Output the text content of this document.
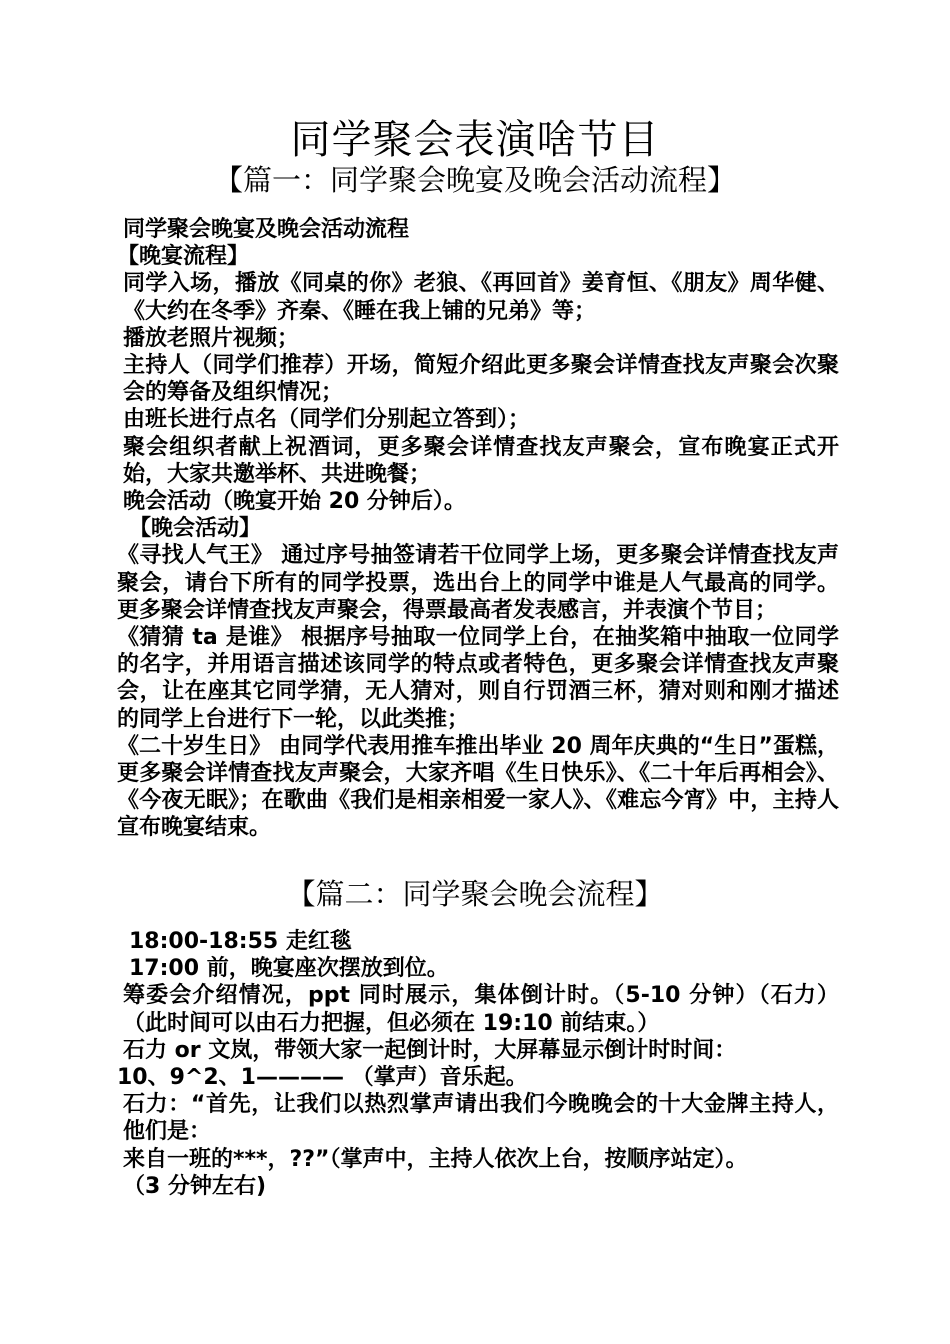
同学聚会表演啥节目
【篇一：同学聚会晚宴及晚会活动流程】

同学聚会晚宴及晚会活动流程

【晚宴流程】

同学入场，播放《同桌的你》老狼、《再回首》姜育恒、《朋友》周华健、《大约在冬季》齐秦、《睡在我上铺的兄弟》等；

播放老照片视频；

主持人（同学们推荐）开场，简短介绍此更多聚会详情查找友声聚会次聚会的筹备及组织情况；

由班长进行点名（同学们分别起立答到）；

聚会组织者献上祝酒词，更多聚会详情查找友声聚会，宣布晚宴正式开始，大家共邀举杯、共进晚餐；

晚会活动（晚宴开始 20 分钟后）。

【晚会活动】

《寻找人气王》 通过序号抽签请若干位同学上场，更多聚会详情查找友声聚会，请台下所有的同学投票，选出台上的同学中谁是人气最高的同学。更多聚会详情查找友声聚会，得票最高者发表感言，并表演个节目；

《猜猜 ta 是谁》 根据序号抽取一位同学上台，在抽奖箱中抽取一位同学的名字，并用语言描述该同学的特点或者特色，更多聚会详情查找友声聚会，让在座其它同学猜，无人猜对，则自行罚酒三杯，猜对则和刚才描述的同学上台进行下一轮，以此类推；

《二十岁生日》 由同学代表用推车推出毕业 20 周年庆典的“生日”蛋糕，更多聚会详情查找友声聚会，大家齐唱《生日快乐》、《二十年后再相会》、《今夜无眠》；在歌曲《我们是相亲相爱一家人》、《难忘今宵》中，主持人宣布晚宴结束。

【篇二：同学聚会晚会流程】

18:00-18:55 走红毯

17:00 前，晚宴座次摆放到位。

筹委会介绍情况，ppt 同时展示，集体倒计时。（5-10 分钟）（石力）（此时间可以由石力把握，但必须在 19:10 前结束。）

石力 or 文岚，带领大家一起倒计时，大屏幕显示倒计时时间：

10、9^2、1———— （掌声）音乐起。

石力：“首先，让我们以热烈掌声请出我们今晚晚会的十大金牌主持人，他们是：

来自一班的***，??”（掌声中，主持人依次上台，按顺序站定）。

（3 分钟左右)
